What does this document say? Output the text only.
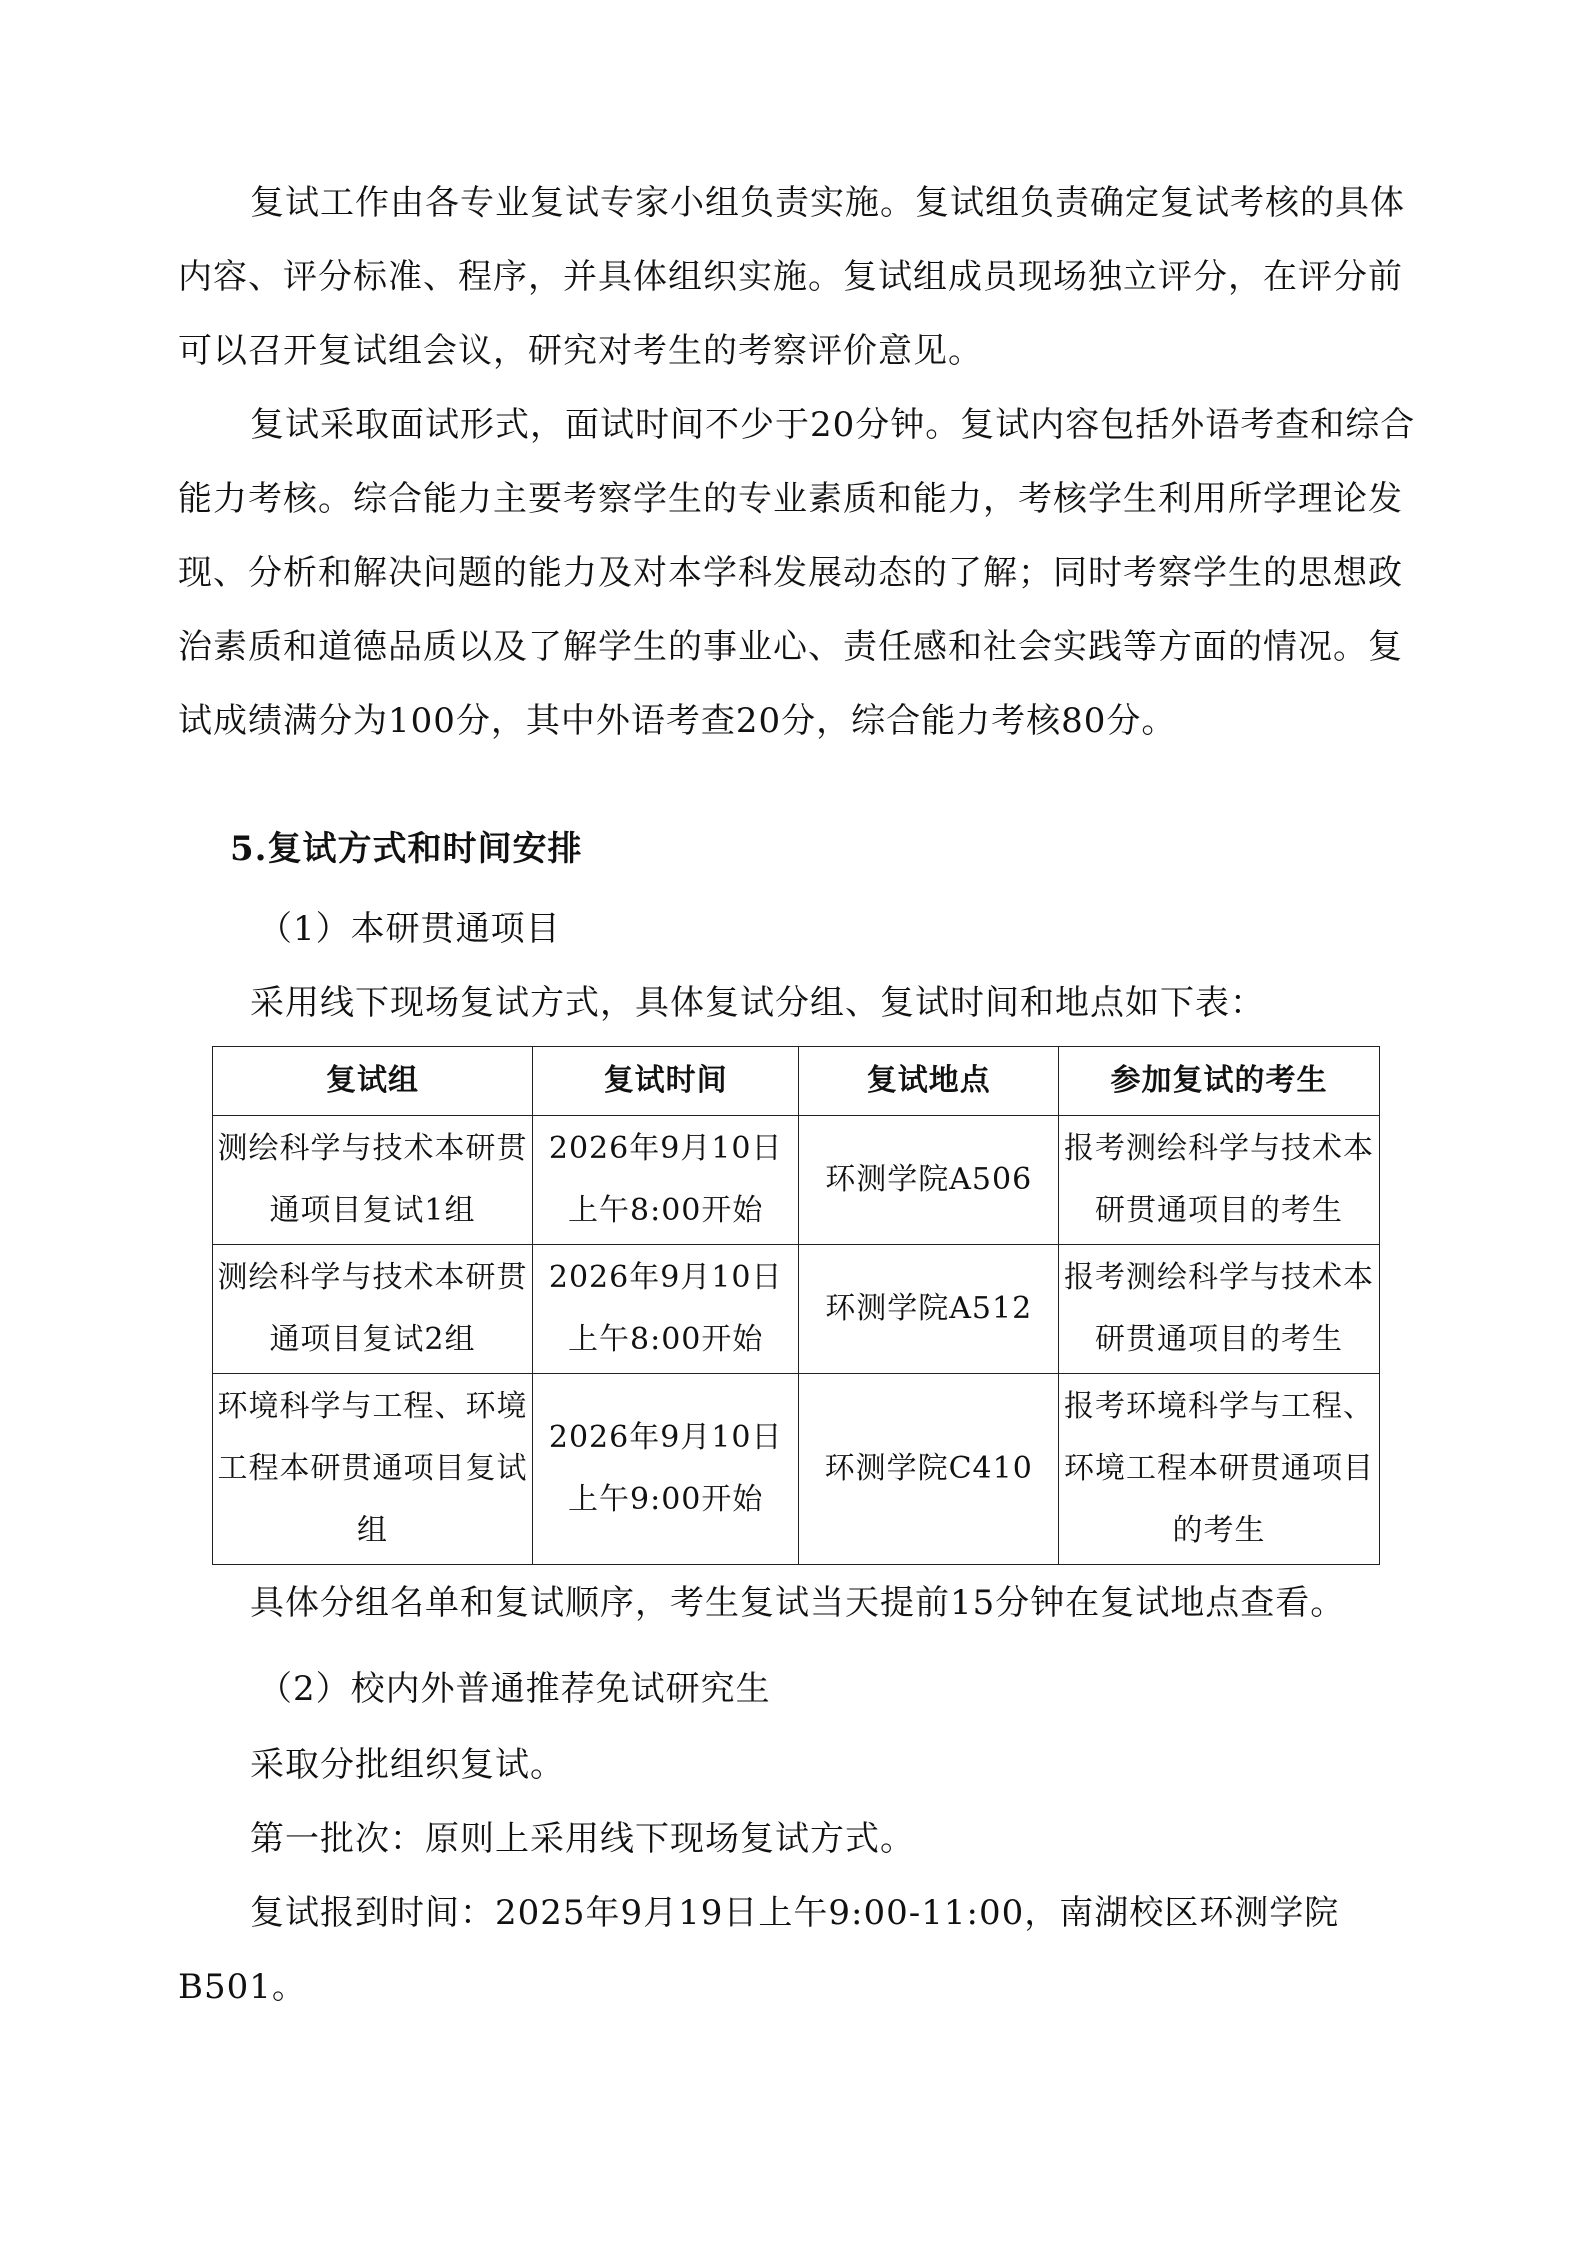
复试工作由各专业复试专家小组负责实施。复试组负责确定复试考核的具体内容、评分标准、程序，并具体组织实施。复试组成员现场独立评分，在评分前可以召开复试组会议，研究对考生的考察评价意见。

复试采取面试形式，面试时间不少于20分钟。复试内容包括外语考查和综合能力考核。综合能力主要考察学生的专业素质和能力，考核学生利用所学理论发现、分析和解决问题的能力及对本学科发展动态的了解；同时考察学生的思想政治素质和道德品质以及了解学生的事业心、责任感和社会实践等方面的情况。复试成绩满分为100分，其中外语考查20分，综合能力考核80分。

5.复试方式和时间安排

（1）本研贯通项目

采用线下现场复试方式，具体复试分组、复试时间和地点如下表：

复试组	复试时间	复试地点	参加复试的考生
测绘科学与技术本研贯通项目复试1组	2026年9月10日上午8:00开始	环测学院A506	报考测绘科学与技术本研贯通项目的考生
测绘科学与技术本研贯通项目复试2组	2026年9月10日上午8:00开始	环测学院A512	报考测绘科学与技术本研贯通项目的考生
环境科学与工程、环境工程本研贯通项目复试组	2026年9月10日上午9:00开始	环测学院C410	报考环境科学与工程、环境工程本研贯通项目的考生

具体分组名单和复试顺序，考生复试当天提前15分钟在复试地点查看。

（2）校内外普通推荐免试研究生

采取分批组织复试。

第一批次：原则上采用线下现场复试方式。

复试报到时间：2025年9月19日上午9:00-11:00，南湖校区环测学院B501。
